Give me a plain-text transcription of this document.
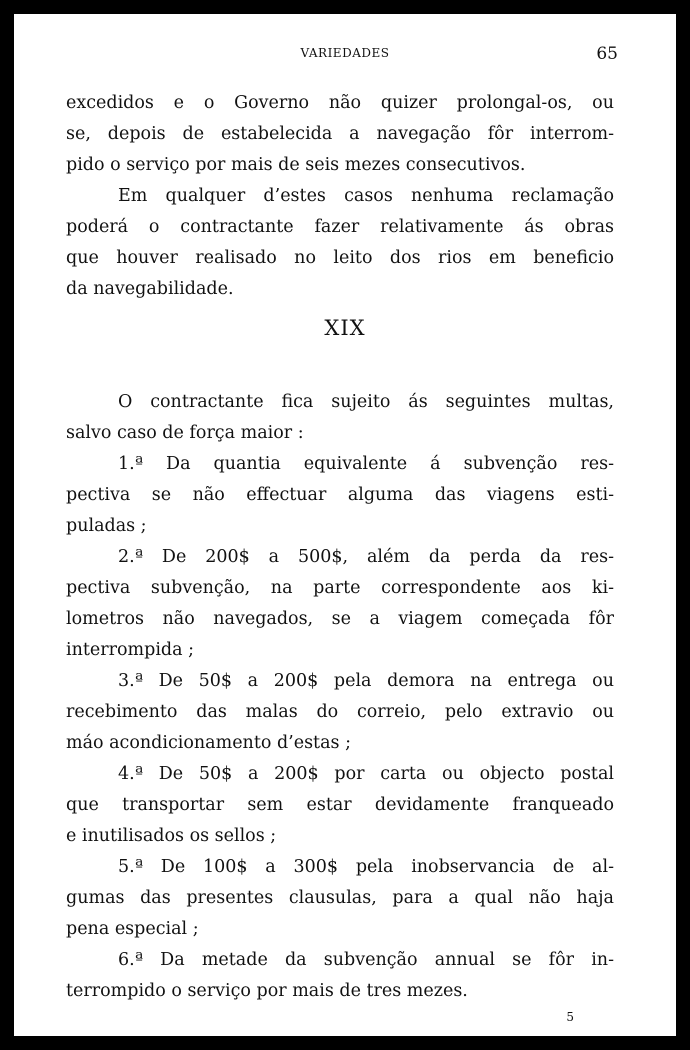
VARIEDADES	65
excedidos e o Governo não quizer prolongal-os, ou
se, depois de estabelecida a navegação fôr interrom-
pido o serviço por mais de seis mezes consecutivos.
Em qualquer d’estes casos nenhuma reclamação
poderá o contractante fazer relativamente ás obras
que houver realisado no leito dos rios em beneficio
da navegabilidade.
XIX
O contractante fica sujeito ás seguintes multas,
salvo caso de força maior :
1.ª Da quantia equivalente á subvenção res-
pectiva se não effectuar alguma das viagens esti-
puladas ;
2.ª De 200$ a 500$, além da perda da res-
pectiva subvenção, na parte correspondente aos ki-
lometros não navegados, se a viagem começada fôr
interrompida ;
3.ª De 50$ a 200$ pela demora na entrega ou
recebimento das malas do correio, pelo extravio ou
máo acondicionamento d’estas ;
4.ª De 50$ a 200$ por carta ou objecto postal
que transportar sem estar devidamente franqueado
e inutilisados os sellos ;
5.ª De 100$ a 300$ pela inobservancia de al-
gumas das presentes clausulas, para a qual não haja
pena especial ;
6.ª Da metade da subvenção annual se fôr in-
terrompido o serviço por mais de tres mezes.
5
